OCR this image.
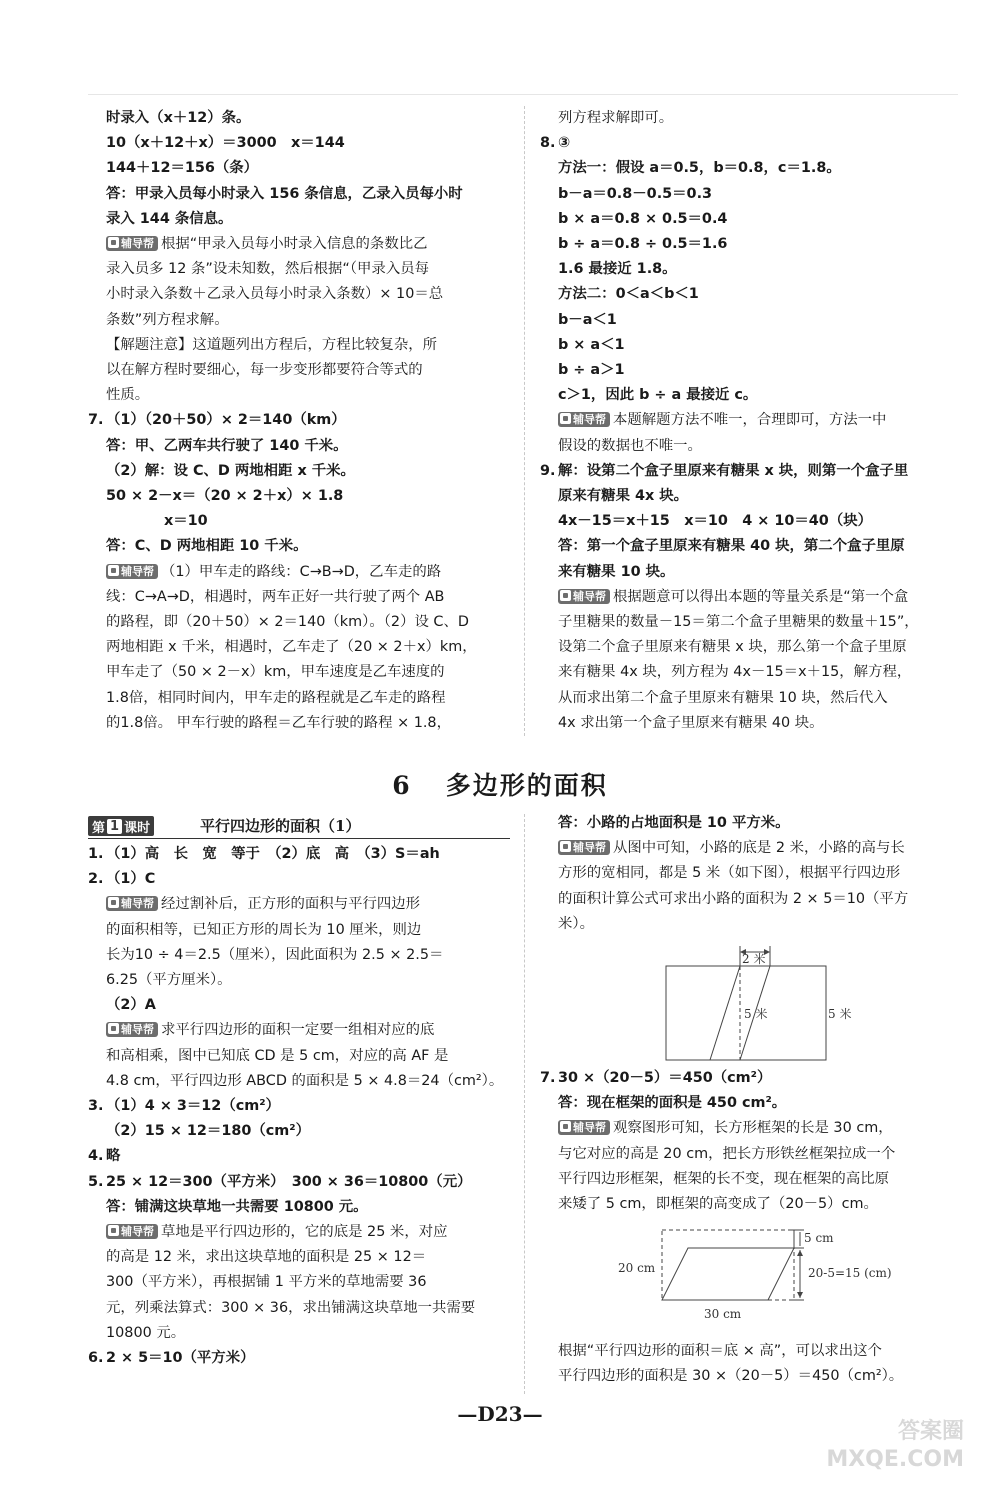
时录入（x＋12）条。
10（x＋12＋x）＝3000　x＝144
144＋12＝156（条）
答：甲录入员每小时录入 156 条信息，乙录入员每小时
录入 144 条信息。
辅导帮 根据“甲录入员每小时录入信息的条数比乙
录入员多 12 条”设未知数，然后根据“（甲录入员每
小时录入条数＋乙录入员每小时录入条数）× 10＝总
条数”列方程求解。
【解题注意】这道题列出方程后，方程比较复杂，所
以在解方程时要细心，每一步变形都要符合等式的
性质。
7. （1）（20＋50）× 2＝140（km）
答：甲、乙两车共行驶了 140 千米。
（2）解：设 C、D 两地相距 x 千米。
50 × 2－x＝（20 × 2＋x）× 1.8
x＝10
答：C、D 两地相距 10 千米。
辅导帮 （1）甲车走的路线：C→B→D，乙车走的路
线：C→A→D，相遇时，两车正好一共行驶了两个 AB
的路程，即（20＋50）× 2＝140（km）。（2）设 C、D
两地相距 x 千米，相遇时，乙车走了（20 × 2＋x）km，
甲车走了（50 × 2－x）km，甲车速度是乙车速度的
1.8倍，相同时间内，甲车走的路程就是乙车走的路程
的1.8倍。 甲车行驶的路程＝乙车行驶的路程 × 1.8，
列方程求解即可。
8. ③
方法一：假设 a＝0.5，b＝0.8，c＝1.8。
b－a＝0.8－0.5＝0.3
b × a＝0.8 × 0.5＝0.4
b ÷ a＝0.8 ÷ 0.5＝1.6
1.6 最接近 1.8。
方法二：0＜a＜b＜1
b－a＜1
b × a＜1
b ÷ a＞1
c＞1，因此 b ÷ a 最接近 c。
辅导帮 本题解题方法不唯一，合理即可，方法一中
假设的数据也不唯一。
9. 解：设第二个盒子里原来有糖果 x 块，则第一个盒子里
原来有糖果 4x 块。
4x－15＝x＋15　x＝10　4 × 10＝40（块）
答：第一个盒子里原来有糖果 40 块，第二个盒子里原
来有糖果 10 块。
辅导帮 根据题意可以得出本题的等量关系是“第一个盒
子里糖果的数量－15＝第二个盒子里糖果的数量＋15”，
设第二个盒子里原来有糖果 x 块，那么第一个盒子里原
来有糖果 4x 块，列方程为 4x－15＝x＋15，解方程，
从而求出第二个盒子里原来有糖果 10 块，然后代入
4x 求出第一个盒子里原来有糖果 40 块。
6 多边形的面积
第 1 课时	平行四边形的面积（1）
1. （1）高　长　宽　等于　（2）底　高　（3）S＝ah
2. （1）C
辅导帮 经过割补后，正方形的面积与平行四边形
的面积相等，已知正方形的周长为 10 厘米，则边
长为10 ÷ 4＝2.5（厘米），因此面积为 2.5 × 2.5＝
6.25（平方厘米）。
（2）A
辅导帮 求平行四边形的面积一定要一组相对应的底
和高相乘，图中已知底 CD 是 5 cm，对应的高 AF 是
4.8 cm，平行四边形 ABCD 的面积是 5 × 4.8＝24（cm²）。
3. （1）4 × 3＝12（cm²）
（2）15 × 12＝180（cm²）
4. 略
5. 25 × 12＝300（平方米）　300 × 36＝10800（元）
答：铺满这块草地一共需要 10800 元。
辅导帮 草地是平行四边形的，它的底是 25 米，对应
的高是 12 米，求出这块草地的面积是 25 × 12＝
300（平方米），再根据铺 1 平方米的草地需要 36
元，列乘法算式：300 × 36，求出铺满这块草地一共需要
10800 元。
6. 2 × 5＝10（平方米）
答：小路的占地面积是 10 平方米。
辅导帮 从图中可知，小路的底是 2 米，小路的高与长
方形的宽相同，都是 5 米（如下图），根据平行四边形
的面积计算公式可求出小路的面积为 2 × 5＝10（平方
米）。
2 米
5 米	5 米
7. 30 ×（20－5）＝450（cm²）
答：现在框架的面积是 450 cm²。
辅导帮 观察图形可知，长方形框架的长是 30 cm，
与它对应的高是 20 cm，把长方形铁丝框架拉成一个
平行四边形框架，框架的长不变，现在框架的高比原
来矮了 5 cm，即框架的高变成了（20－5）cm。
5 cm
20-5=15 (cm)
20 cm
30 cm
根据“平行四边形的面积＝底 × 高”，可以求出这个
平行四边形的面积是 30 ×（20－5）＝450（cm²）。
—D23—
答案圈
MXQE.COM
